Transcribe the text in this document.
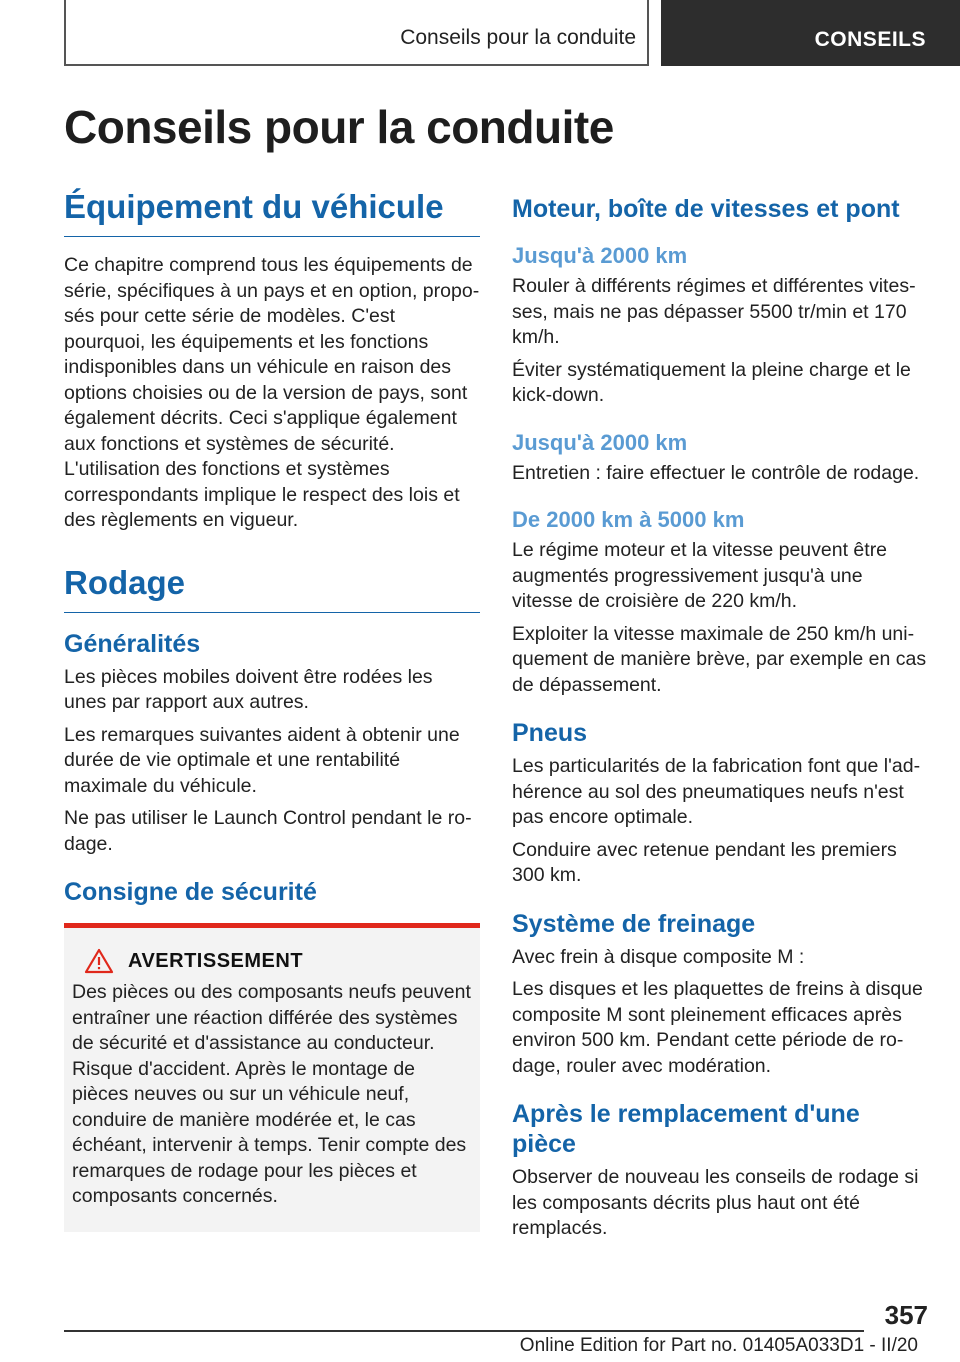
Conseils pour la conduite	CONSEILS
Conseils pour la conduite
Équipement du véhicule

Ce chapitre comprend tous les équipements de série, spécifiques à un pays et en option, proposés pour cette série de modèles. C'est pourquoi, les équipements et les fonctions indisponibles dans un véhicule en raison des options choisies ou de la version de pays, sont également décrits. Ceci s'applique également aux fonctions et systèmes de sécurité. L'utilisation des fonctions et systèmes correspondants implique le respect des lois et des règlements en vigueur.

Rodage
Généralités

Les pièces mobiles doivent être rodées les unes par rapport aux autres.

Les remarques suivantes aident à obtenir une durée de vie optimale et une rentabilité maximale du véhicule.

Ne pas utiliser le Launch Control pendant le rodage.

Consigne de sécurité
AVERTISSEMENT

Des pièces ou des composants neufs peuvent entraîner une réaction différée des systèmes de sécurité et d'assistance au conducteur. Risque d'accident. Après le montage de pièces neuves ou sur un véhicule neuf, conduire de manière modérée et, le cas échéant, intervenir à temps. Tenir compte des remarques de rodage pour les pièces et composants concernés.

Moteur, boîte de vitesses et pont
Jusqu'à 2000 km

Rouler à différents régimes et différentes vitesses, mais ne pas dépasser 5500 tr/min et 170 km/h.

Éviter systématiquement la pleine charge et le kick-down.

Jusqu'à 2000 km

Entretien : faire effectuer le contrôle de rodage.

De 2000 km à 5000 km

Le régime moteur et la vitesse peuvent être augmentés progressivement jusqu'à une vitesse de croisière de 220 km/h.

Exploiter la vitesse maximale de 250 km/h uniquement de manière brève, par exemple en cas de dépassement.

Pneus

Les particularités de la fabrication font que l'adhérence au sol des pneumatiques neufs n'est pas encore optimale.

Conduire avec retenue pendant les premiers 300 km.

Système de freinage

Avec frein à disque composite M :

Les disques et les plaquettes de freins à disque composite M sont pleinement efficaces après environ 500 km. Pendant cette période de rodage, rouler avec modération.

Après le remplacement d'une pièce

Observer de nouveau les conseils de rodage si les composants décrits plus haut ont été remplacés.

357
Online Edition for Part no. 01405A033D1 - II/20
